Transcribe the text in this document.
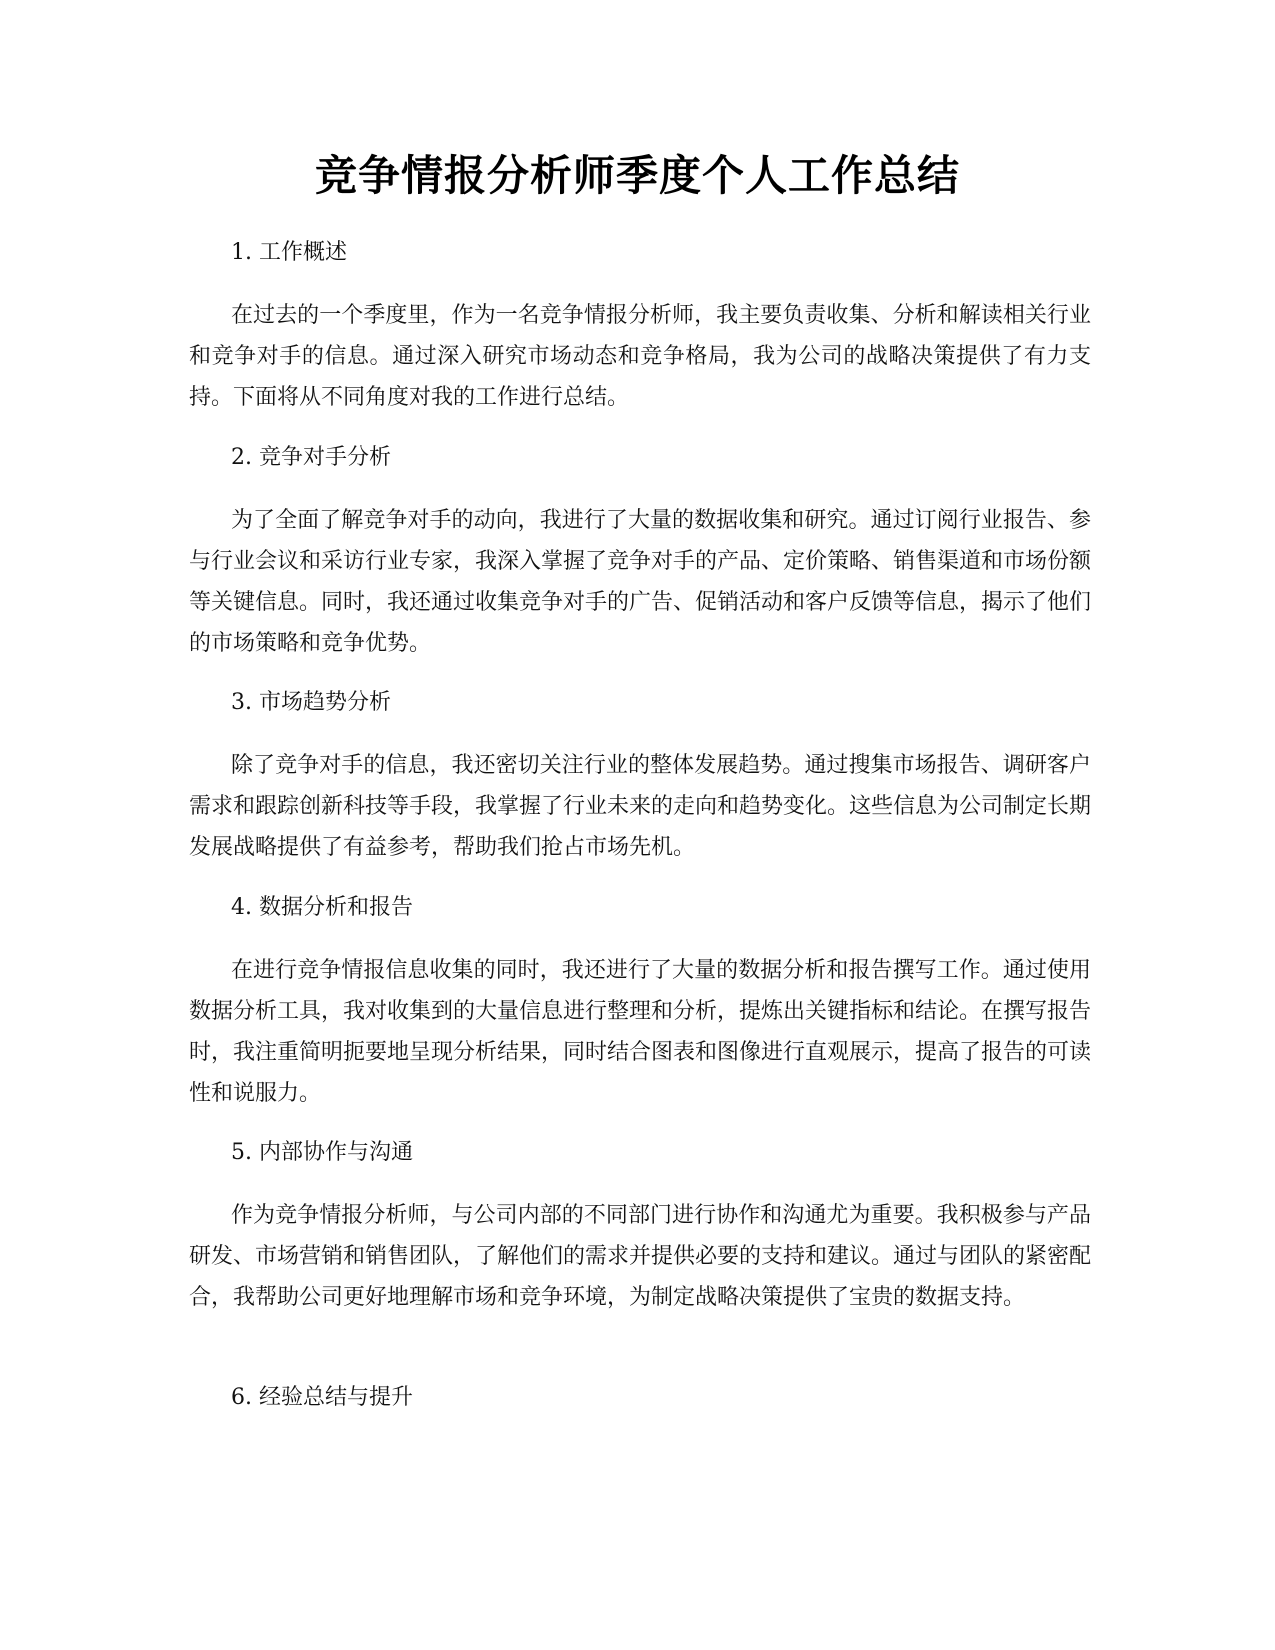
竞争情报分析师季度个人工作总结

1. 工作概述

在过去的一个季度里，作为一名竞争情报分析师，我主要负责收集、分析和解读相关行业和竞争对手的信息。通过深入研究市场动态和竞争格局，我为公司的战略决策提供了有力支持。下面将从不同角度对我的工作进行总结。

2. 竞争对手分析

为了全面了解竞争对手的动向，我进行了大量的数据收集和研究。通过订阅行业报告、参与行业会议和采访行业专家，我深入掌握了竞争对手的产品、定价策略、销售渠道和市场份额等关键信息。同时，我还通过收集竞争对手的广告、促销活动和客户反馈等信息，揭示了他们的市场策略和竞争优势。

3. 市场趋势分析

除了竞争对手的信息，我还密切关注行业的整体发展趋势。通过搜集市场报告、调研客户需求和跟踪创新科技等手段，我掌握了行业未来的走向和趋势变化。这些信息为公司制定长期发展战略提供了有益参考，帮助我们抢占市场先机。

4. 数据分析和报告

在进行竞争情报信息收集的同时，我还进行了大量的数据分析和报告撰写工作。通过使用数据分析工具，我对收集到的大量信息进行整理和分析，提炼出关键指标和结论。在撰写报告时，我注重简明扼要地呈现分析结果，同时结合图表和图像进行直观展示，提高了报告的可读性和说服力。

5. 内部协作与沟通

作为竞争情报分析师，与公司内部的不同部门进行协作和沟通尤为重要。我积极参与产品研发、市场营销和销售团队，了解他们的需求并提供必要的支持和建议。通过与团队的紧密配合，我帮助公司更好地理解市场和竞争环境，为制定战略决策提供了宝贵的数据支持。

6. 经验总结与提升
